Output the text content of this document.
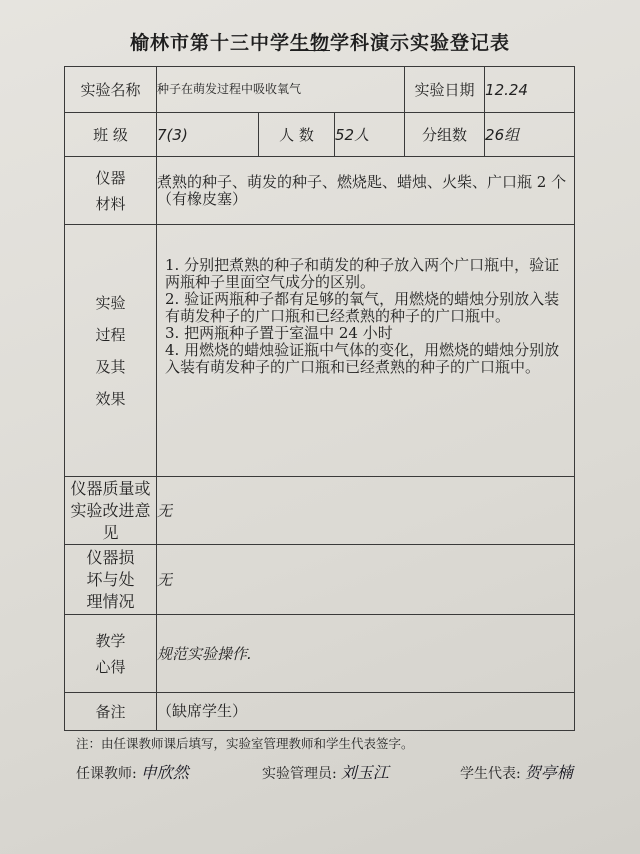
榆林市第十三中学生物学科演示实验登记表
实验名称	种子在萌发过程中吸收氧气			实验日期	12.24
班 级	7(3)	人 数	52人	分组数	26组
仪器材料	煮熟的种子、萌发的种子、燃烧匙、蜡烛、火柴、广口瓶 2 个（有橡皮塞）				
实验过程及其效果	1. 分别把煮熟的种子和萌发的种子放入两个广口瓶中，验证两瓶种子里面空气成分的区别。
2. 验证两瓶种子都有足够的氧气，用燃烧的蜡烛分别放入装有萌发种子的广口瓶和已经煮熟的种子的广口瓶中。
3. 把两瓶种子置于室温中 24 小时
4. 用燃烧的蜡烛验证瓶中气体的变化，用燃烧的蜡烛分别放入装有萌发种子的广口瓶和已经煮熟的种子的广口瓶中。				

仪器质量或实验改进意见	无				
仪器损坏与处理情况	无				
教学心得	规范实验操作.				
备注	（缺席学生）				
注：由任课教师课后填写，实验室管理教师和学生代表签字。
任课教师: 申欣然	实验管理员: 刘玉江	学生代表: 贺亭楠
